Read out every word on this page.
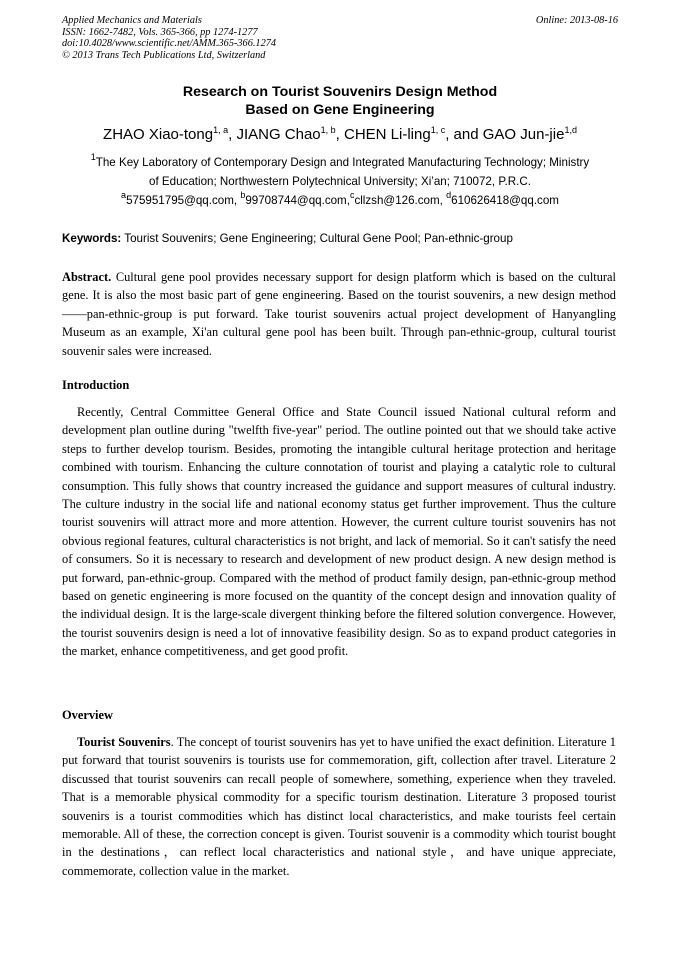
Applied Mechanics and Materials
ISSN: 1662-7482, Vols. 365-366, pp 1274-1277
doi:10.4028/www.scientific.net/AMM.365-366.1274
© 2013 Trans Tech Publications Ltd, Switzerland
Online: 2013-08-16
Research on Tourist Souvenirs Design Method
Based on Gene Engineering
ZHAO Xiao-tong$^{1, a}$, JIANG Chao$^{1, b}$, CHEN Li-ling$^{1, c}$, and GAO Jun-jie$^{1,d}$
$^1$The Key Laboratory of Contemporary Design and Integrated Manufacturing Technology; Ministry
of Education; Northwestern Polytechnical University; Xi’an; 710072, P.R.C.
$^a$575951795@qq.com, $^b$99708744@qq.com,$^c$cllzsh@126.com, $^d$610626418@qq.com
Keywords: Tourist Souvenirs; Gene Engineering; Cultural Gene Pool; Pan-ethnic-group
Abstract. Cultural gene pool provides necessary support for design platform which is based on the cultural gene. It is also the most basic part of gene engineering. Based on the tourist souvenirs, a new design method——pan-ethnic-group is put forward. Take tourist souvenirs actual project development of Hanyangling Museum as an example, Xi'an cultural gene pool has been built. Through pan-ethnic-group, cultural tourist souvenir sales were increased.
Introduction
Recently, Central Committee General Office and State Council issued National cultural reform and development plan outline during "twelfth five-year" period. The outline pointed out that we should take active steps to further develop tourism. Besides, promoting the intangible cultural heritage protection and heritage combined with tourism. Enhancing the culture connotation of tourist and playing a catalytic role to cultural consumption. This fully shows that country increased the guidance and support measures of cultural industry. The culture industry in the social life and national economy status get further improvement. Thus the culture tourist souvenirs will attract more and more attention. However, the current culture tourist souvenirs has not obvious regional features, cultural characteristics is not bright, and lack of memorial. So it can't satisfy the need of consumers. So it is necessary to research and development of new product design. A new design method is put forward, pan-ethnic-group. Compared with the method of product family design, pan-ethnic-group method based on genetic engineering is more focused on the quantity of the concept design and innovation quality of the individual design. It is the large-scale divergent thinking before the filtered solution convergence. However, the tourist souvenirs design is need a lot of innovative feasibility design. So as to expand product categories in the market, enhance competitiveness, and get good profit.
Overview
Tourist Souvenirs. The concept of tourist souvenirs has yet to have unified the exact definition. Literature 1 put forward that tourist souvenirs is tourists use for commemoration, gift, collection after travel. Literature 2 discussed that tourist souvenirs can recall people of somewhere, something, experience when they traveled. That is a memorable physical commodity for a specific tourism destination. Literature 3 proposed tourist souvenirs is a tourist commodities which has distinct local characteristics, and make tourists feel certain memorable. All of these, the correction concept is given. Tourist souvenir is a commodity which tourist bought in the destinations，can reflect local characteristics and national style，and have unique appreciate, commemorate, collection value in the market.
